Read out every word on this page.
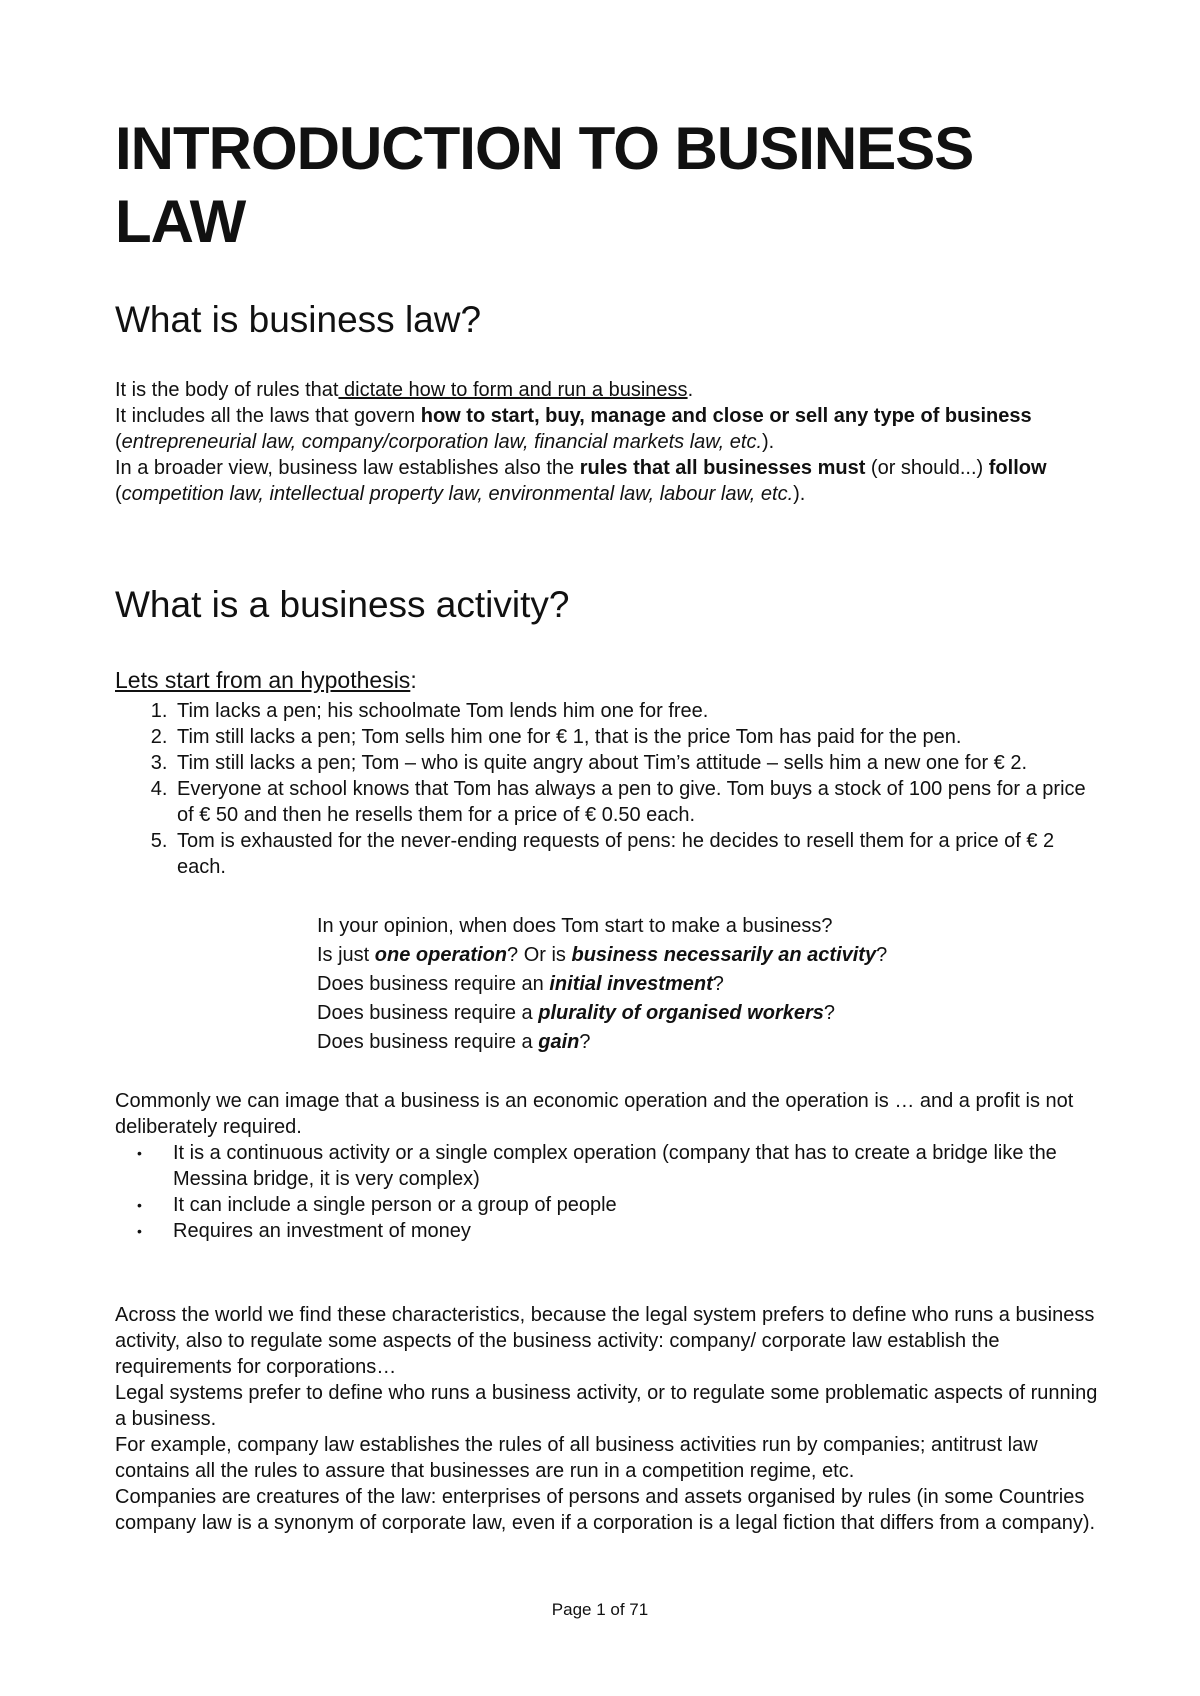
INTRODUCTION TO BUSINESS LAW
What is business law?

It is the body of rules that dictate how to form and run a business.

It includes all the laws that govern how to start, buy, manage and close or sell any type of business (entrepreneurial law, company/corporation law, financial markets law, etc.).

In a broader view, business law establishes also the rules that all businesses must (or should...) follow (competition law, intellectual property law, environmental law, labour law, etc.).

What is a business activity?

Lets start from an hypothesis:

1. Tim lacks a pen; his schoolmate Tom lends him one for free.
2. Tim still lacks a pen; Tom sells him one for € 1, that is the price Tom has paid for the pen.
3. Tim still lacks a pen; Tom – who is quite angry about Tim’s attitude – sells him a new one for € 2.
4. Everyone at school knows that Tom has always a pen to give. Tom buys a stock of 100 pens for a price of € 50 and then he resells them for a price of € 0.50 each.
5. Tom is exhausted for the never-ending requests of pens: he decides to resell them for a price of € 2 each.

In your opinion, when does Tom start to make a business?

Is just one operation? Or is business necessarily an activity?

Does business require an initial investment?

Does business require a plurality of organised workers?

Does business require a gain?

Commonly we can image that a business is an economic operation and the operation is … and a profit is not deliberately required.

• It is a continuous activity or a single complex operation (company that has to create a bridge like the Messina bridge, it is very complex)
• It can include a single person or a group of people
• Requires an investment of money

Across the world we find these characteristics, because the legal system prefers to define who runs a business activity, also to regulate some aspects of the business activity: company/ corporate law establish the requirements for corporations…

Legal systems prefer to define who runs a business activity, or to regulate some problematic aspects of running a business.

For example, company law establishes the rules of all business activities run by companies; antitrust law contains all the rules to assure that businesses are run in a competition regime, etc.

Companies are creatures of the law: enterprises of persons and assets organised by rules (in some Countries company law is a synonym of corporate law, even if a corporation is a legal fiction that differs from a company).

Page 1 of 71
